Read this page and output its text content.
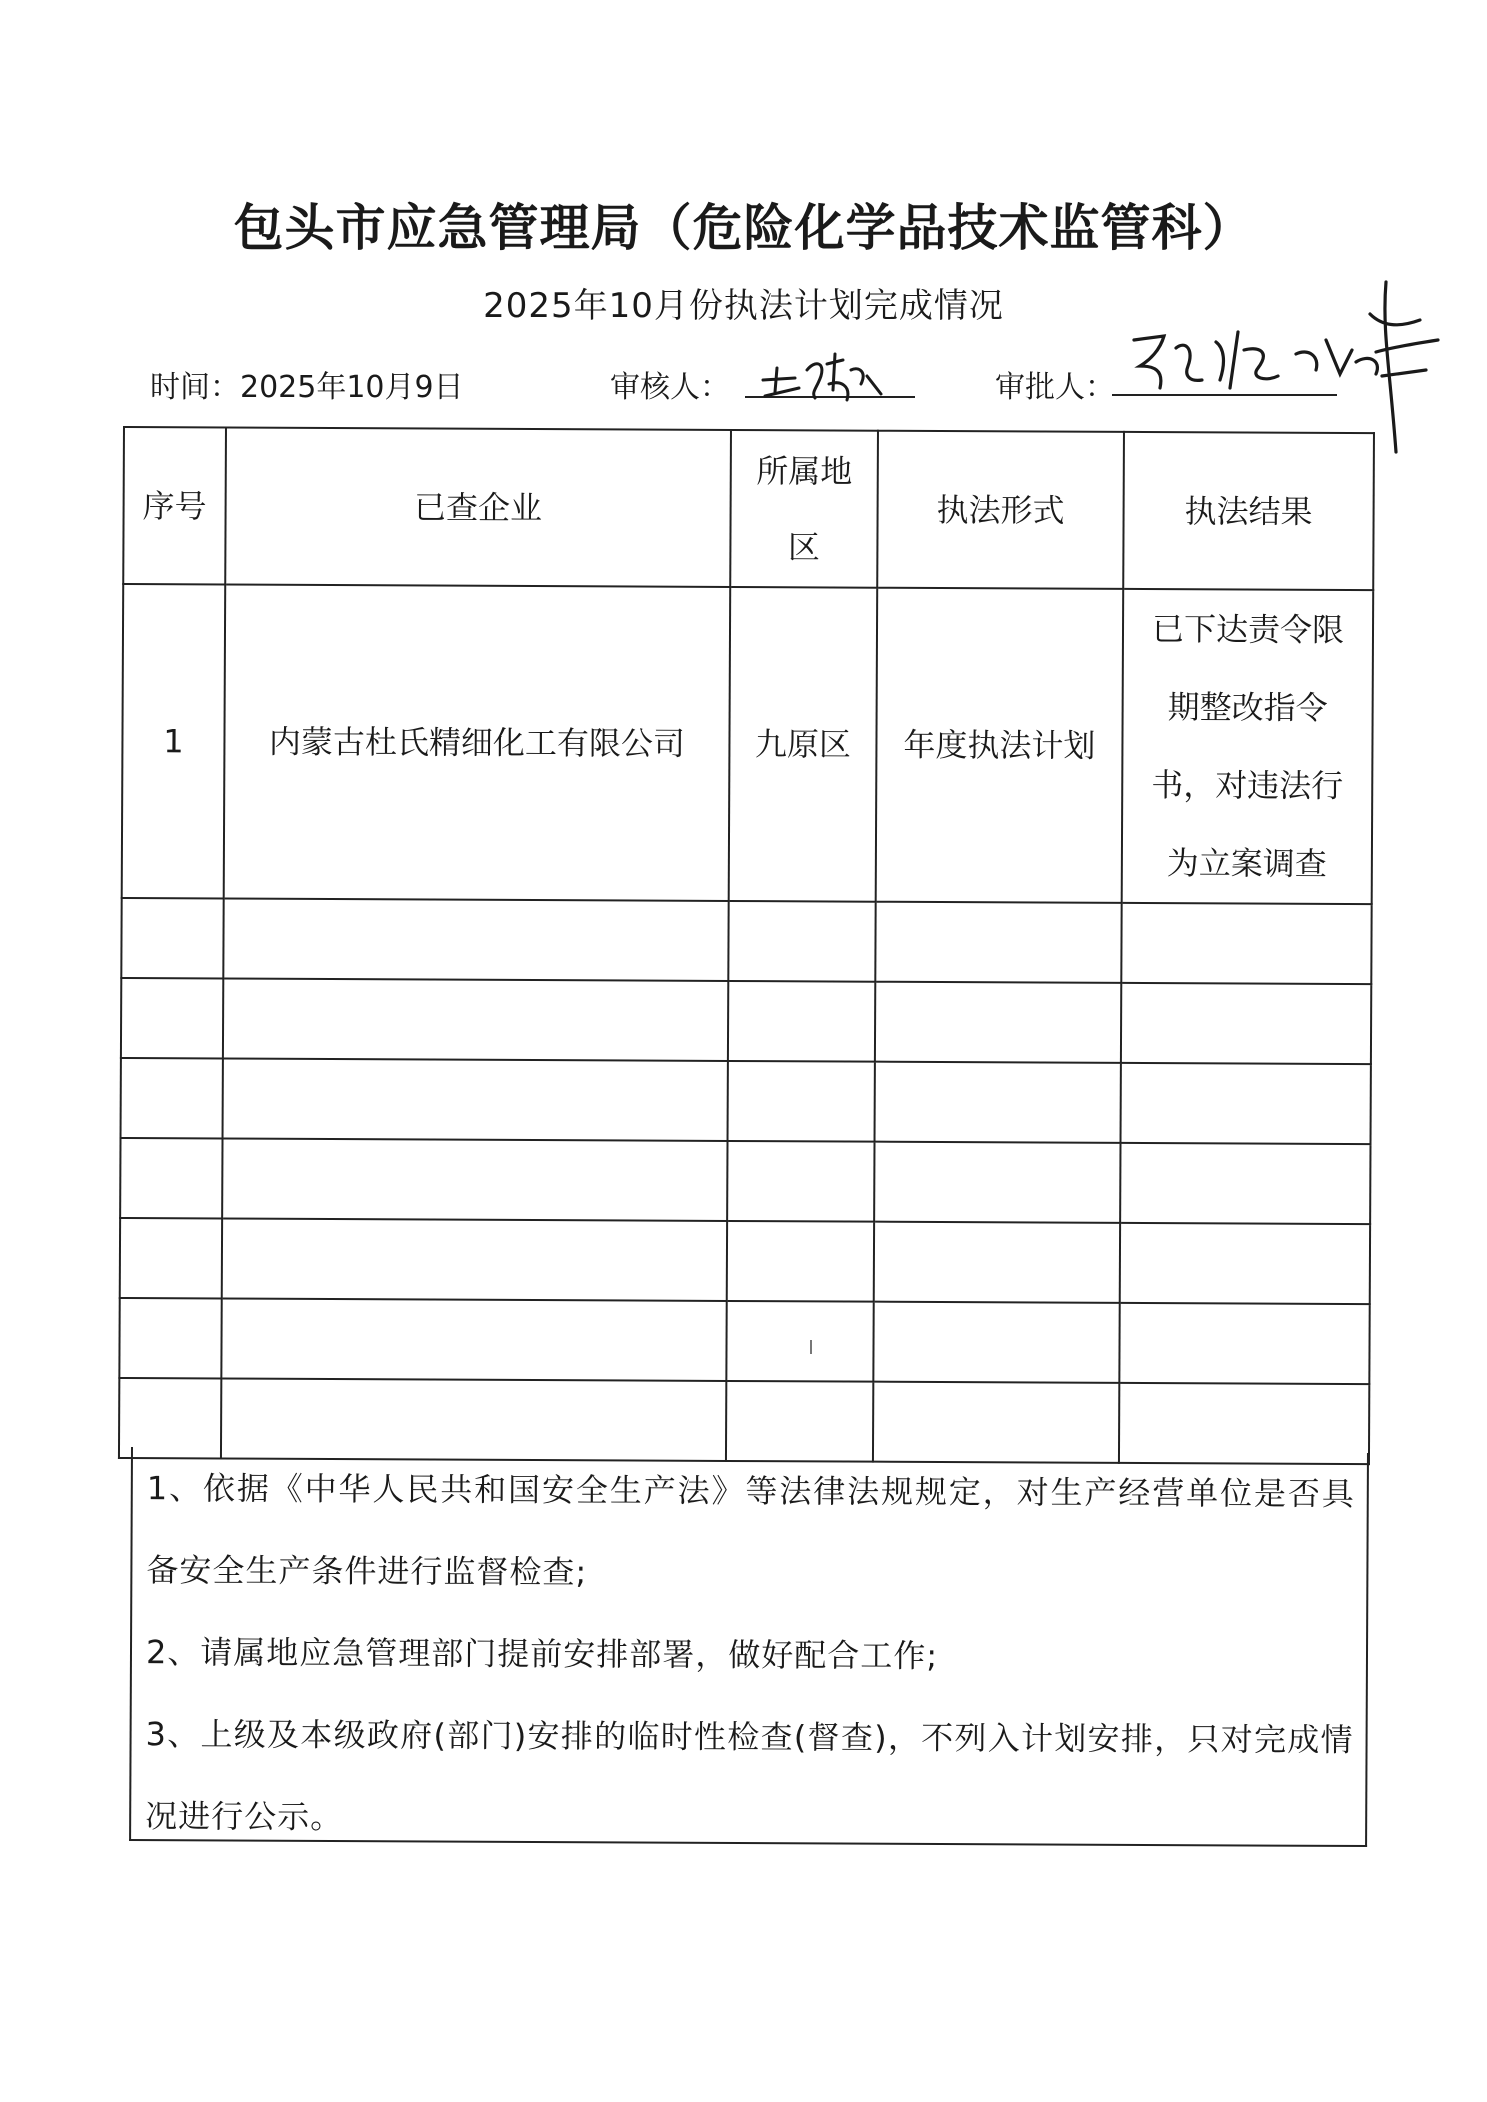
包头市应急管理局（危险化学品技术监管科）
2025年10月份执法计划完成情况
时间：2025年10月9日	审核人：	审批人：
序号	已查企业	所属地区	执法形式	执法结果
1	内蒙古杜氏精细化工有限公司	九原区	年度执法计划	已下达责令限期整改指令书，对违法行为立案调查

1、依据《中华人民共和国安全生产法》等法律法规规定，对生产经营单位是否具备安全生产条件进行监督检查;
2、请属地应急管理部门提前安排部署，做好配合工作;
3、上级及本级政府(部门)安排的临时性检查(督查)，不列入计划安排，只对完成情况进行公示。
